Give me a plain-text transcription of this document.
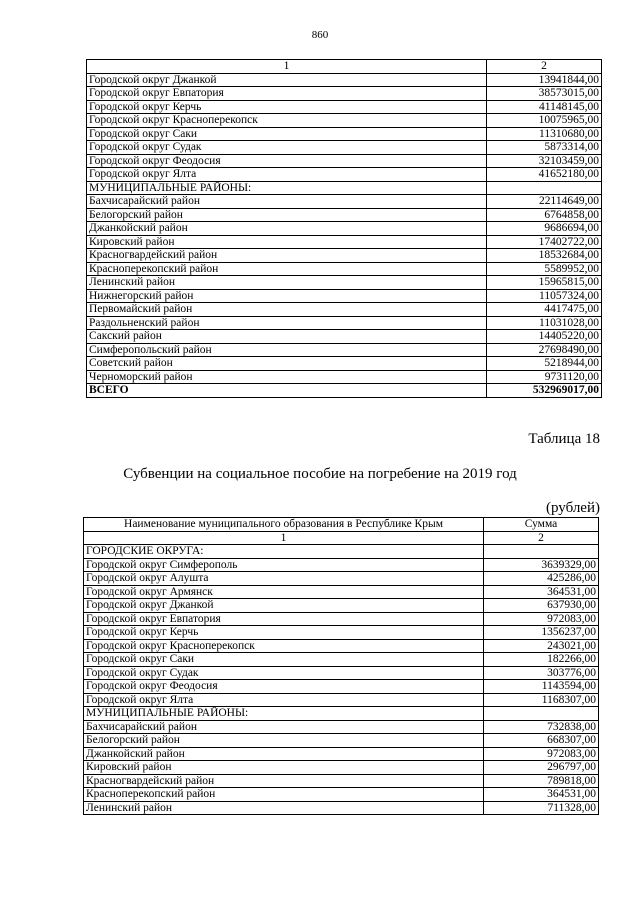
860
1	2
Городской округ Джанкой	13941844,00
Городской округ Евпатория	38573015,00
Городской округ Керчь	41148145,00
Городской округ Красноперекопск	10075965,00
Городской округ Саки	11310680,00
Городской округ Судак	5873314,00
Городской округ Феодосия	32103459,00
Городской округ Ялта	41652180,00
МУНИЦИПАЛЬНЫЕ РАЙОНЫ:	
Бахчисарайский район	22114649,00
Белогорский район	6764858,00
Джанкойский район	9686694,00
Кировский район	17402722,00
Красногвардейский район	18532684,00
Красноперекопский район	5589952,00
Ленинский район	15965815,00
Нижнегорский район	11057324,00
Первомайский район	4417475,00
Раздольненский район	11031028,00
Сакский район	14405220,00
Симферопольский район	27698490,00
Советский район	5218944,00
Черноморский район	9731120,00
ВСЕГО	532969017,00
Таблица 18
Субвенции на социальное пособие на погребение на 2019 год
(рублей)
Наименование муниципального образования в Республике Крым	Сумма
1	2
ГОРОДСКИЕ ОКРУГА:	
Городской округ Симферополь	3639329,00
Городской округ Алушта	425286,00
Городской округ Армянск	364531,00
Городской округ Джанкой	637930,00
Городской округ Евпатория	972083,00
Городской округ Керчь	1356237,00
Городской округ Красноперекопск	243021,00
Городской округ Саки	182266,00
Городской округ Судак	303776,00
Городской округ Феодосия	1143594,00
Городской округ Ялта	1168307,00
МУНИЦИПАЛЬНЫЕ РАЙОНЫ:	
Бахчисарайский район	732838,00
Белогорский район	668307,00
Джанкойский район	972083,00
Кировский район	296797,00
Красногвардейский район	789818,00
Красноперекопский район	364531,00
Ленинский район	711328,00
